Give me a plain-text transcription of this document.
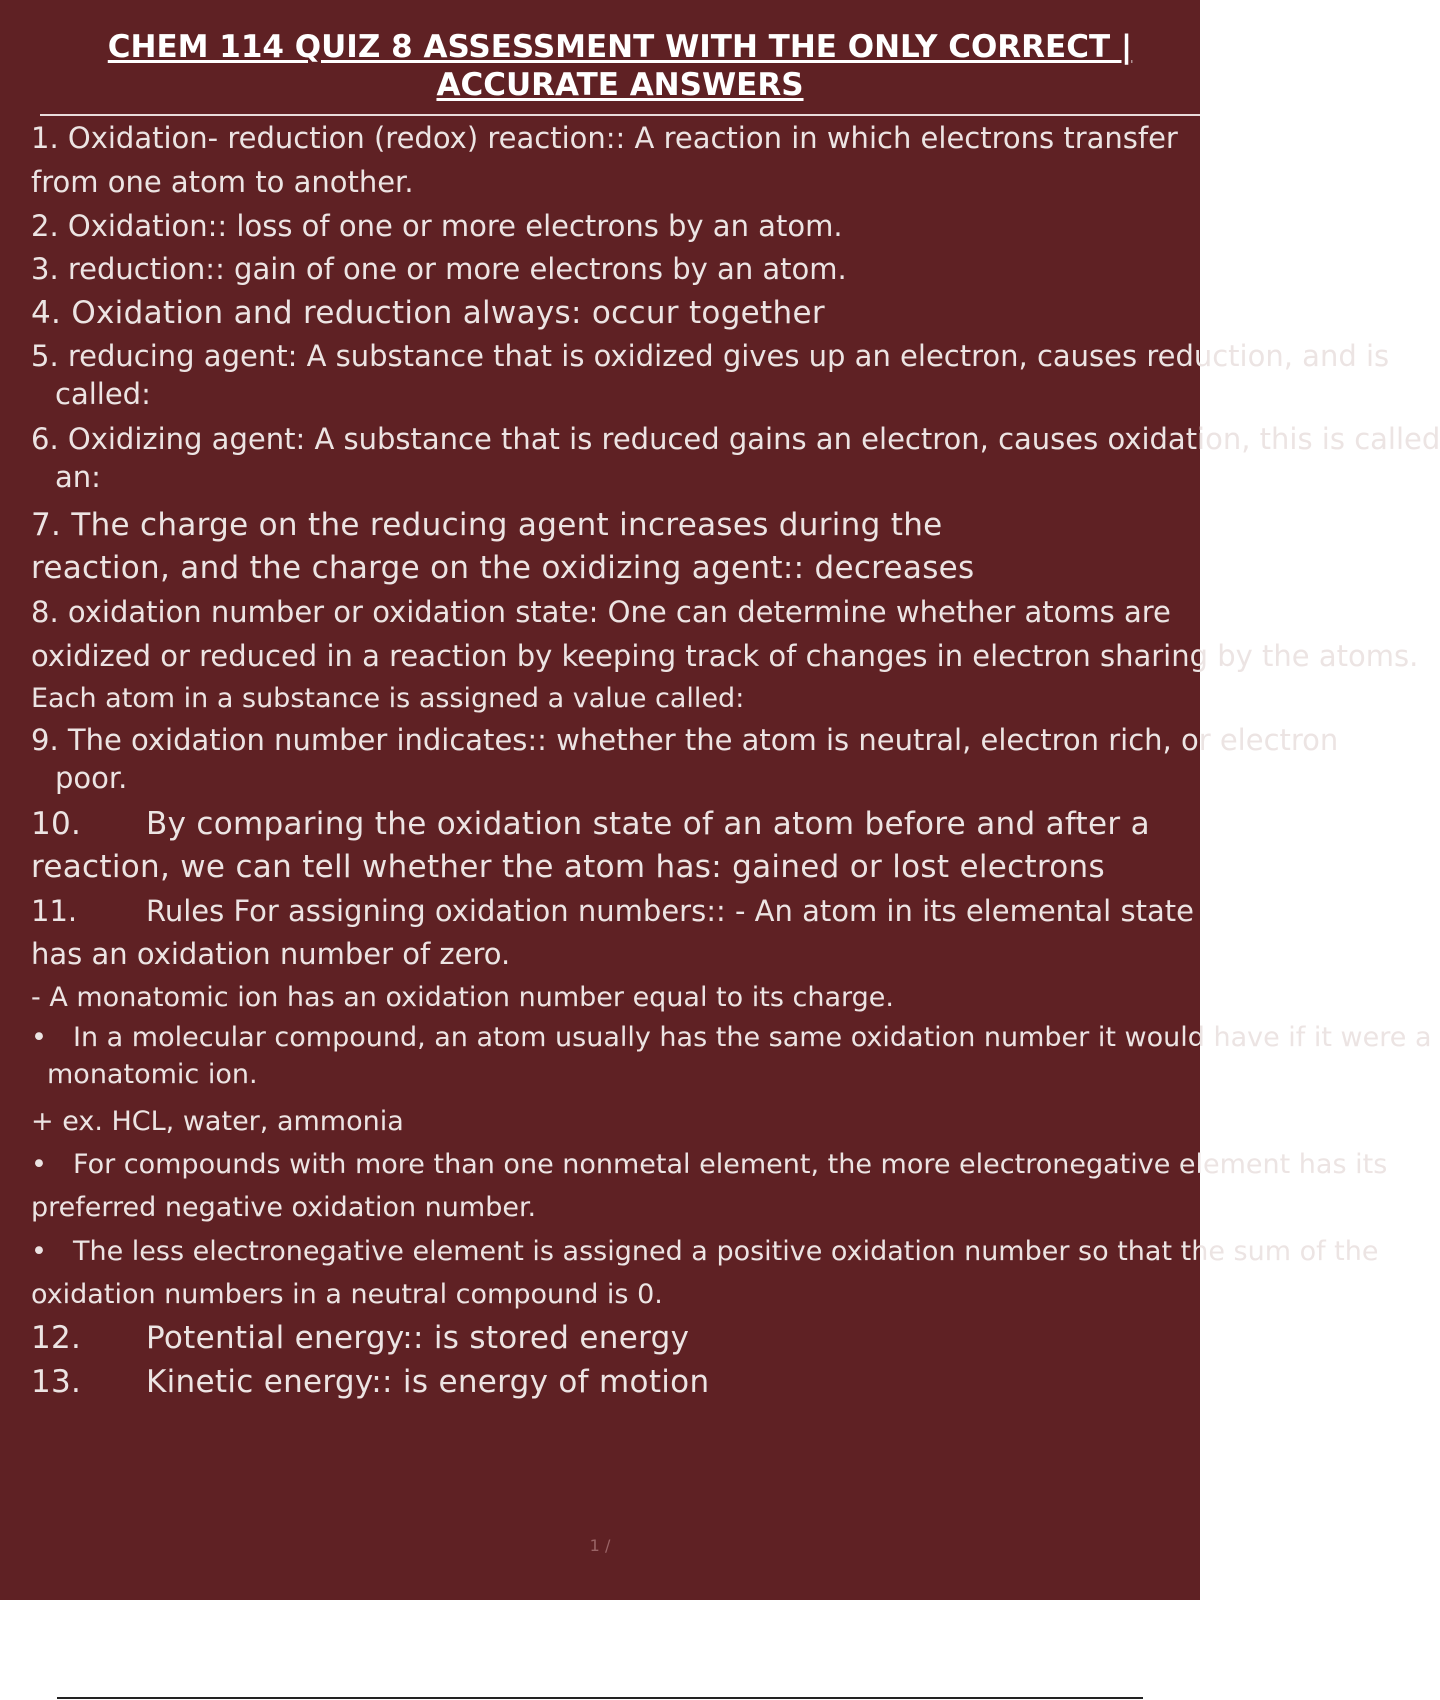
CHEM 114 QUIZ 8 ASSESSMENT WITH THE ONLY CORRECT |
ACCURATE ANSWERS
1. Oxidation- reduction (redox) reaction:: A reaction in which electrons transfer
from one atom to another.
2. Oxidation:: loss of one or more electrons by an atom.
3. reduction:: gain of one or more electrons by an atom.
4. Oxidation and reduction always: occur together
5. reducing agent: A substance that is oxidized gives up an electron, causes reduction, and is
called:
6. Oxidizing agent: A substance that is reduced gains an electron, causes oxidation, this is called
an:
7. The charge on the reducing agent increases during the
reaction, and the charge on the oxidizing agent:: decreases
8. oxidation number or oxidation state: One can determine whether atoms are
oxidized or reduced in a reaction by keeping track of changes in electron sharing by the atoms.
Each atom in a substance is assigned a value called:
9. The oxidation number indicates:: whether the atom is neutral, electron rich, or electron
poor.
10. By comparing the oxidation state of an atom before and after a
reaction, we can tell whether the atom has: gained or lost electrons
11. Rules For assigning oxidation numbers:: - An atom in its elemental state
has an oxidation number of zero.
- A monatomic ion has an oxidation number equal to its charge.
• In a molecular compound, an atom usually has the same oxidation number it would have if it were a
monatomic ion.
+ ex. HCL, water, ammonia
• For compounds with more than one nonmetal element, the more electronegative element has its
preferred negative oxidation number.
• The less electronegative element is assigned a positive oxidation number so that the sum of the
oxidation numbers in a neutral compound is 0.
12. Potential energy:: is stored energy
13. Kinetic energy:: is energy of motion
1 /
